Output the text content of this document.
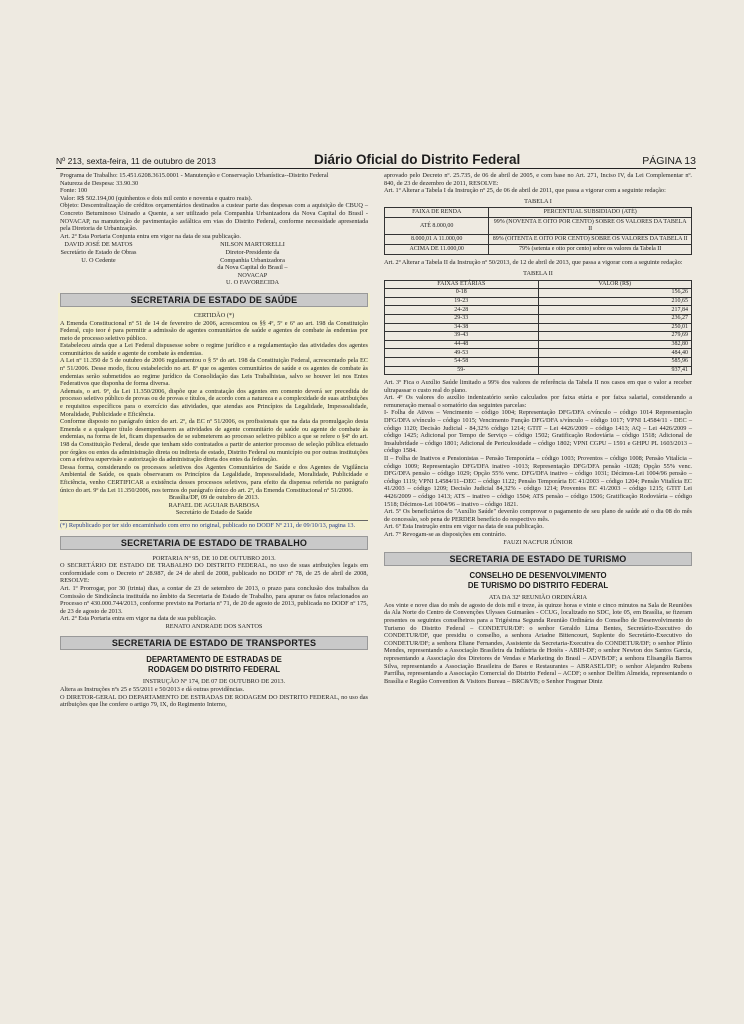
Nº 213, sexta-feira, 11 de outubro de 2013	Diário Oficial do Distrito Federal	PÁGINA 13

Programa de Trabalho: 15.451.6208.3615.0001 - Manutenção e Conservação Urbanística--Distrito Federal

Natureza de Despesa: 33.90.30

Fonte: 100

Valor: R$ 502.194,00 (quinhentos e dois mil cento e noventa e quatro reais).

Objeto: Descentralização de créditos orçamentários destinados a custear parte das despesas com a aquisição de CBUQ – Concreto Betuminoso Usinado a Quente, a ser utilizado pela Companhia Urbanizadora da Nova Capital do Brasil - NOVACAP, na manutenção de pavimentação asfáltica em vias do Distrito Federal, conforme necessidade apresentada pela Diretoria de Urbanização.

Art. 2º Esta Portaria Conjunta entra em vigor na data de sua publicação.

DAVID JOSÉ DE MATOS
Secretário de Estado de Obras
U. O Cedente
NILSON MARTORELLI
Diretor-Presidente da Companhia Urbanizadora
da Nova Capital do Brasil – NOVACAP
U. O FAVORECIDA
SECRETARIA DE ESTADO DE SAÚDE

CERTIDÃO (*)

A Emenda Constitucional nº 51 de 14 de fevereiro de 2006, acrescentou os §§ 4º, 5º e 6º ao art. 198 da Constituição Federal, cujo teor é para permitir a admissão de agentes comunitários de saúde e agentes de combate às endemias por meio de processo seletivo público.

Estabeleceu ainda que a Lei Federal dispusesse sobre o regime jurídico e a regulamentação das atividades dos agentes comunitários de saúde e agente de combate às endemias.

A Lei nº 11.350 de 5 de outubro de 2006 regulamentou o § 5º do art. 198 da Constituição Federal, acrescentado pela EC nº 51/2006. Desse modo, ficou estabelecido no art. 8º que os agentes comunitários de saúde e os agentes de combate às endemias serão submetidos ao regime jurídico da Consolidação das Leis Trabalhistas, salvo se houver lei nos Entes Federativos que disponha de forma diversa.

Ademais, o art. 9º, da Lei 11.350/2006, dispõe que a contratação dos agentes em comento deverá ser precedida de processo seletivo público de provas ou de provas e títulos, de acordo com a natureza e a complexidade de suas atribuições e requisitos específicos para o exercício das atividades, que atendas aos Princípios da Legalidade, Impessoalidade, Moralidade, Publicidade e Eficiência.

Conforme disposto no parágrafo único do art. 2º, da EC nº 51/2006, os profissionais que na data da promulgação desta Emenda e a qualquer título desempenharem as atividades de agente comunitário de saúde ou agente de combate às endemias, na forma de lei, ficam dispensados de se submeterem ao processo seletivo público a que se refere o §4º do art. 198 da Constituição Federal, desde que tenham sido contratados a partir de anterior processo de seleção pública efetuado por órgãos ou entes da administração direta ou indireta de estado, Distrito Federal ou município ou por outras instituições com a efetiva supervisão e autorização da administração direta dos entes da federação.

Dessa forma, considerando os processos seletivos dos Agentes Comunitários de Saúde e dos Agentes de Vigilância Ambiental de Saúde, os quais observaram os Princípios da Legalidade, Impessoalidade, Moralidade, Publicidade e Eficiência, venho CERTIFICAR a existência desses processos seletivos, para efeito da dispensa referida no parágrafo único do art. 9º da Lei 11.350/2006, nos termos do parágrafo único do art. 2º, da Emenda Constitucional nº 51/2006.

Brasília/DF, 09 de outubro de 2013.

RAFAEL DE AGUIAR BARBOSA

Secretário de Estado de Saúde

(*) Republicado por ter sido encaminhado com erro no original, publicado no DODF Nº 211, de 09/10/13, pagina 13.

SECRETARIA DE ESTADO DE TRABALHO

PORTARIA Nº 95, DE 10 DE OUTUBRO 2013.

O SECRETÁRIO DE ESTADO DE TRABALHO DO DISTRITO FEDERAL, no uso de suas atribuições legais em conformidade com o Decreto nº 28.987, de 24 de abril de 2008, publicado no DODF nº 78, de 25 de abril de 2008, RESOLVE:

Art. 1º Prorrogar, por 30 (trinta) dias, a contar de 23 de setembro de 2013, o prazo para conclusão dos trabalhos da Comissão de Sindicância instituída no âmbito da Secretaria de Estado de Trabalho, para apurar os fatos relacionados ao Processo nº 430.000.744/2013, conforme previsto na Portaria nº 71, de 20 de agosto de 2013, publicada no DODF nº 175, de 23 de agosto de 2013.

Art. 2º Esta Portaria entra em vigor na data de sua publicação.

RENATO ANDRADE DOS SANTOS

SECRETARIA DE ESTADO DE TRANSPORTES
DEPARTAMENTO DE ESTRADAS DE
RODAGEM DO DISTRITO FEDERAL

INSTRUÇÃO Nº 174, DE 07 DE OUTUBRO DE 2013.

Altera as Instruções nºs 25 e 55/2011 e 50/2013 e dá outras providências.

O DIRETOR-GERAL DO DEPARTAMENTO DE ESTRADAS DE RODAGEM DO DISTRITO FEDERAL, no uso das atribuições que lhe confere o artigo 79, IX, do Regimento Interno,

aprovado pelo Decreto nº. 25.735, de 06 de abril de 2005, e com base no Art. 271, Inciso IV, da Lei Complementar nº. 840, de 23 de dezembro de 2011, RESOLVE:

Art. 1º Alterar a Tabela I da Instrução nº 25, de 06 de abril de 2011, que passa a vigorar com a seguinte redação:

TABELA I
FAIXA DE RENDA	PERCENTUAL SUBSIDIADO (ATÉ)
ATÉ 8.000,00	99% (NOVENTA E OITO POR CENTO) SOBRE OS VALORES DA TABELA II
8.000,01 A 11.000,00	89% (OITENTA E OITO POR CENTO) SOBRE OS VALORES DA TABELA II
ACIMA DE 11.000,00	79% (setenta e oito por cento) sobre os valores da Tabela II

Art. 2º Alterar a Tabela II da Instrução nº 50/2013, de 12 de abril de 2013, que passa a vigorar com a seguinte redação:

TABELA II
FAIXAS ETÁRIAS	VALOR (R$)
0-18	156,26
19-23	210,65
24-28	217,84
29-33	236,27
34-38	250,01
39-43	279,69
44-48	382,80
49-53	484,40
54-58	585,96
59-	937,41

Art. 3º Fica o Auxílio Saúde limitado a 99% dos valores de referência da Tabela II nos casos em que o valor a receber ultrapassar o custo real do plano.

Art. 4º Os valores do auxílio indenizatório serão calculados por faixa etária e por faixa salarial, considerando a remuneração mensal o somatório das seguintes parcelas:

I- Folha de Ativos – Vencimento – código 1004; Representação DFG/DFA c/vínculo – código 1014 Representação DFG/DFA s/vínculo – código 1015; Vencimento Função DFG/DFA s/vínculo – código 1017; VPNI L4584/11 - DEC – código 1120; Decisão Judicial - 84,32% código 1214; GTIT – Lei 4426/2009 – código 1413; AQ – Lei 4426/2009 – código 1425; Adicional por Tempo de Serviço – código 1502; Gratificação Rodoviária – código 1518; Adicional de Insalubridade – código 1801; Adicional de Periculosidade – código 1802; VPNI CGPU – 1591 e GHPU PL 1603/2013 – código 1584.

II – Folha de Inativos e Pensionistas – Pensão Temporária – código 1003; Proventos – código 1008; Pensão Vitalícia – código 1009; Representação DFG/DFA inativo -1013; Representação DFG/DFA pensão -1028; Opção 55% venc. DFG/DFA pensão – código 1029; Opção 55% venc. DFG/DFA inativo – código 1031; Décimos-Lei 1004/96 pensão – código 1119; VPNI L4584/11--DEC – código 1122; Pensão Temporária EC 41/2003 – código 1204; Pensão Vitalícia EC 41/2003 – código 1209; Decisão Judicial 84,32% - código 1214; Proventos EC 41/2003 – código 1215; GTIT Lei 4426/2009 – código 1413; ATS – inativo – código 1504; ATS pensão – código 1506; Gratificação Rodoviária – código 1518; Décimos-Lei 1004/96 – inativo – código 1821.

Art. 5º Os beneficiários do "Auxílio Saúde" deverão comprovar o pagamento de seu plano de saúde até o dia 08 do mês de concessão, sob pena de PERDER benefício do respectivo mês.

Art. 6º Esta Instrução entra em vigor na data de sua publicação.

Art. 7º Revogam-se as disposições em contrário.

FAUZI NACFUR JÚNIOR

SECRETARIA DE ESTADO DE TURISMO
CONSELHO DE DESENVOLVIMENTO
DE TURISMO DO DISTRITO FEDERAL

ATA DA 32ª REUNIÃO ORDINÁRIA

Aos vinte e nove dias do mês de agosto de dois mil e treze, às quinze horas e vinte e cinco minutos na Sala de Reuniões da Ala Norte do Centro de Convenções Ulysses Guimarães - CCUG, localizado no SDC, lote 05, em Brasília, se fizeram presentes os seguintes conselheiros para a Trigésima Segunda Reunião Ordinária do Conselho de Desenvolvimento do Turismo do Distrito Federal – CONDETUR/DF: o senhor Geraldo Lima Bentes, Secretário-Executivo do CONDETUR/DF, que presidiu o conselho, a senhora Ariadne Bittencourt, Suplente do Secretário-Executivo do CONDETUR/DF; a senhora Eliane Fernandes, Assistente da Secretaria-Executiva do CONDETUR/DF; o senhor Plínio Mendes, representando a Associação Brasileira da Indústria de Hotéis - ABIH-DF; o senhor Newton dos Santos Garcia, representando a Associação dos Diretores de Vendas e Marketing do Brasil – ADVB/DF; a senhora Elisangêla Barros Silva, representando a Associação Brasileira de Bares e Restaurantes – ABRASEL/DF; o senhor Alejandro Rubens Parrilha, representando a Associação Comercial do Distrito Federal – ACDF; o senhor Delfim Almeida, representando o Brasília e Região Convention & Visitors Bureau – BRC&VB; o Senhor Fragmar Diniz
